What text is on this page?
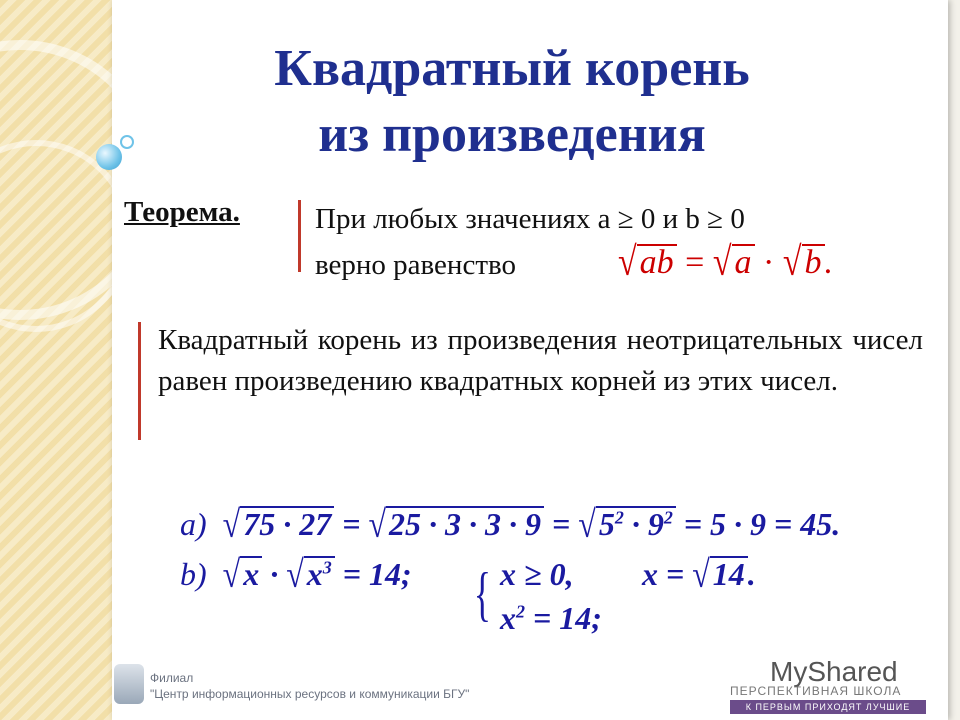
Квадратный корень
из произведения
Теорема.	При любых значениях a ≥ 0 и b ≥ 0
верно равенство	√ab = √a · √b.
Квадратный корень из произведения неотрицательных чисел равен произведению квадратных корней из этих чисел.
a) $√75 \cdot 27 = √25 \cdot 3 \cdot 3 \cdot 9 = √5^2 \cdot 9^2 = 5 \cdot 9 = 45$.
b) $√x \cdot √x^3 = 14$; { x ≥ 0,
$x^2 = 14$;
x = √14.
Филиал
"Центр информационных ресурсов и коммуникации БГУ"
MyShared
ПЕРСПЕКТИВНАЯ ШКОЛА
К ПЕРВЫМ ПРИХОДЯТ ЛУЧШИЕ
